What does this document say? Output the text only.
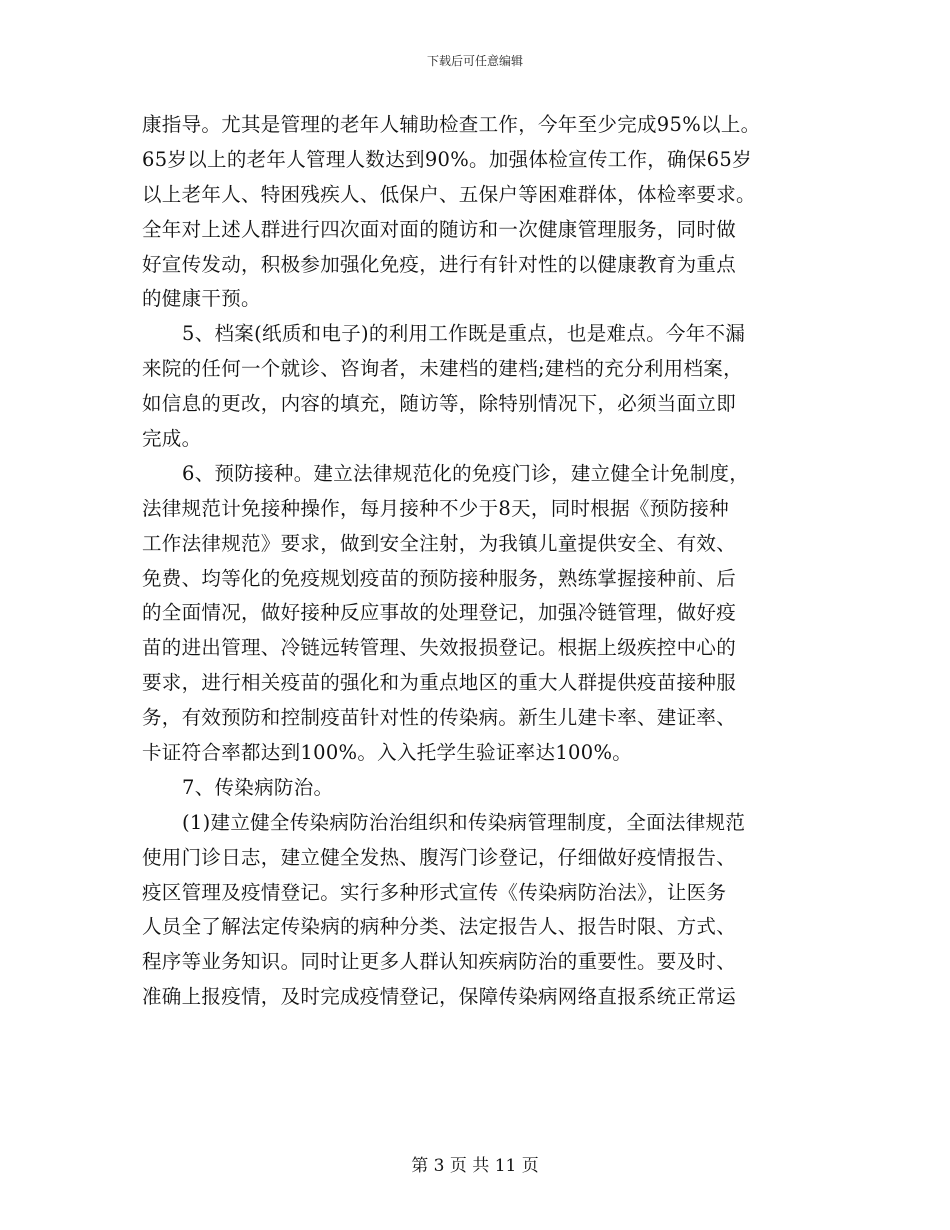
下载后可任意编辑
康指导。尤其是管理的老年人辅助检查工作，今年至少完成95%以上。
65岁以上的老年人管理人数达到90%。加强体检宣传工作，确保65岁
以上老年人、特困残疾人、低保户、五保户等困难群体，体检率要求。
全年对上述人群进行四次面对面的随访和一次健康管理服务，同时做
好宣传发动，积极参加强化免疫，进行有针对性的以健康教育为重点
的健康干预。
5、档案(纸质和电子)的利用工作既是重点，也是难点。今年不漏
来院的任何一个就诊、咨询者，未建档的建档;建档的充分利用档案，
如信息的更改，内容的填充，随访等，除特别情况下，必须当面立即
完成。
6、预防接种。建立法律规范化的免疫门诊，建立健全计免制度，
法律规范计免接种操作，每月接种不少于8天，同时根据《预防接种
工作法律规范》要求，做到安全注射，为我镇儿童提供安全、有效、
免费、均等化的免疫规划疫苗的预防接种服务，熟练掌握接种前、后
的全面情况，做好接种反应事故的处理登记，加强冷链管理，做好疫
苗的进出管理、冷链远转管理、失效报损登记。根据上级疾控中心的
要求，进行相关疫苗的强化和为重点地区的重大人群提供疫苗接种服
务，有效预防和控制疫苗针对性的传染病。新生儿建卡率、建证率、
卡证符合率都达到100%。入入托学生验证率达100%。
7、传染病防治。
(1)建立健全传染病防治治组织和传染病管理制度，全面法律规范
使用门诊日志，建立健全发热、腹泻门诊登记，仔细做好疫情报告、
疫区管理及疫情登记。实行多种形式宣传《传染病防治法》，让医务
人员全了解法定传染病的病种分类、法定报告人、报告时限、方式、
程序等业务知识。同时让更多人群认知疾病防治的重要性。要及时、
准确上报疫情，及时完成疫情登记，保障传染病网络直报系统正常运
第 3 页 共 11 页
